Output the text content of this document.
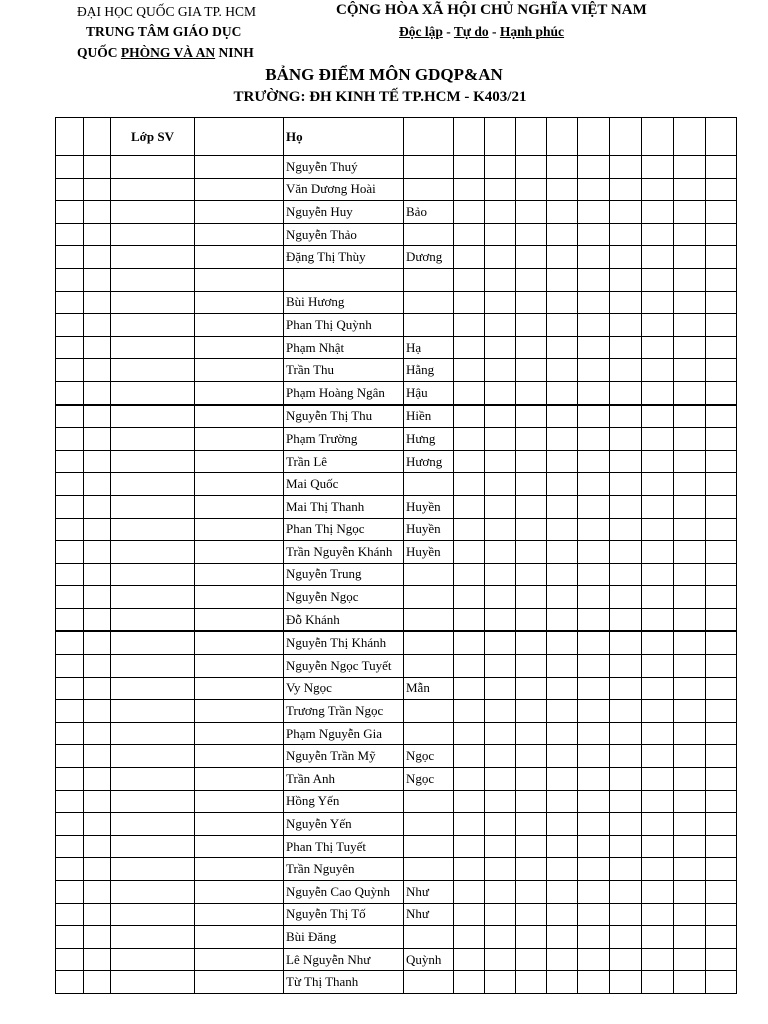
ĐẠI HỌC QUỐC GIA TP. HCM
TRUNG TÂM GIÁO DỤC
QUỐC PHÒNG VÀ AN NINH
CỘNG HÒA XÃ HỘI CHỦ NGHĨA VIỆT NAM
Độc lập - Tự do - Hạnh phúc
BẢNG ĐIỂM MÔN GDQP&AN
TRƯỜNG: ĐH KINH TẾ TP.HCM - K403/21
		Lớp SV		Họ										
				Nguyễn Thuý										
				Văn Dương Hoài										
				Nguyễn Huy	Bảo									
				Nguyễn Thảo										
				Đặng Thị Thùy	Dương									

				Bùi Hương										
				Phan Thị Quỳnh										
				Phạm Nhật	Hạ									
				Trần Thu	Hằng									
				Phạm Hoàng Ngân	Hậu									
				Nguyễn Thị Thu	Hiền									
				Phạm Trường	Hưng									
				Trần Lê	Hương									
				Mai Quốc										
				Mai Thị Thanh	Huyền									
				Phan Thị Ngọc	Huyền									
				Trần Nguyễn Khánh	Huyền									
				Nguyễn Trung										
				Nguyễn Ngọc										
				Đỗ Khánh										
				Nguyễn Thị Khánh										
				Nguyễn Ngọc Tuyết										
				Vy Ngọc	Mẫn									
				Trương Trần Ngọc										
				Phạm Nguyễn Gia										
				Nguyễn Trần Mỹ	Ngọc									
				Trần Anh	Ngọc									
				Hồng Yến										
				Nguyễn Yến										
				Phan Thị Tuyết										
				Trần Nguyên										
				Nguyễn Cao Quỳnh	Như									
				Nguyễn Thị Tố	Như									
				Bùi Đăng										
				Lê Nguyễn Như	Quỳnh									
				Từ Thị Thanh										
